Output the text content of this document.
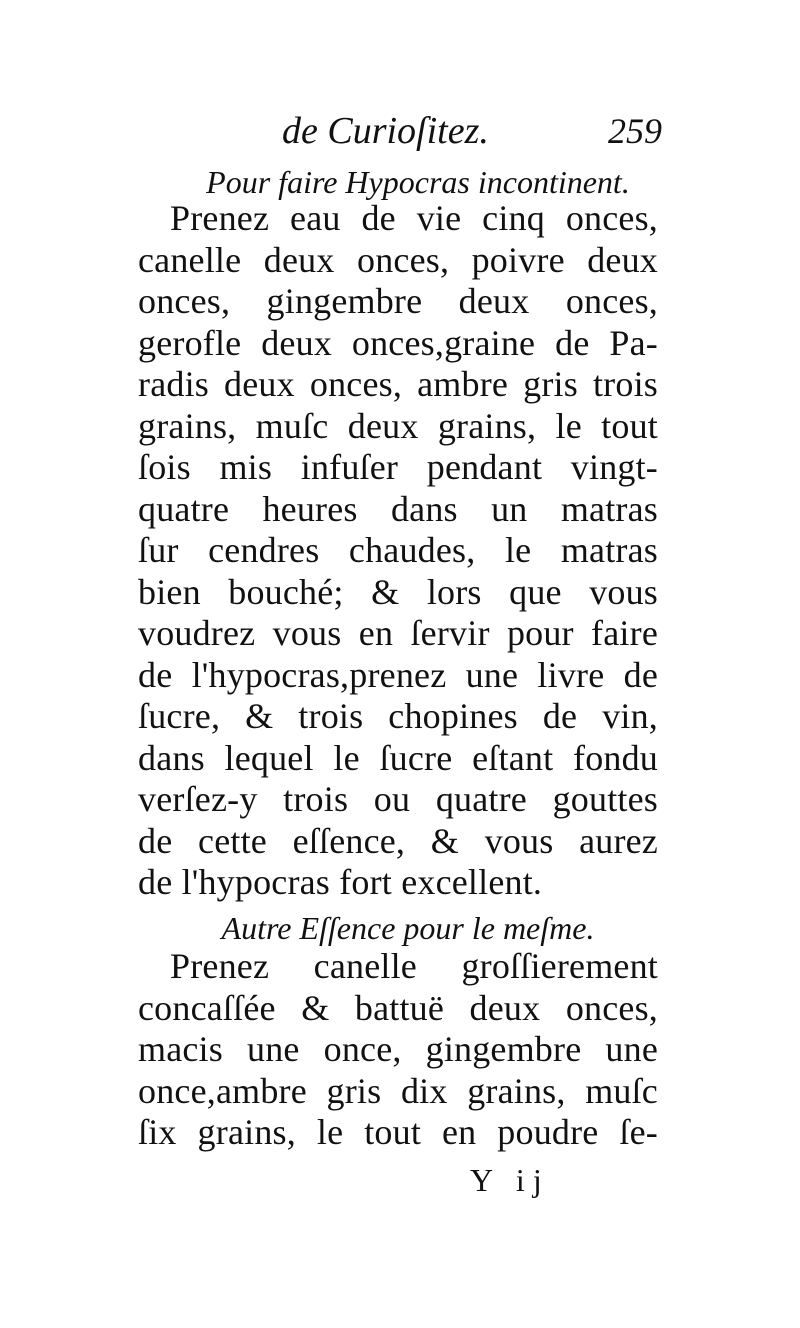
de Curioſitez.	259
Pour faire Hypocras incontinent.
Prenez eau de vie cinq onces,
canelle deux onces, poivre deux
onces, gingembre deux onces,
geroflе deux onces,graine de Pa-
radis deux onces, ambre gris trois
grains, muſc deux grains, le tout
ſois mis infuſer pendant vingt-
quatre heures dans un matras
ſur cendres chaudes, le matras
bien bouché; & lors que vous
voudrez vous en ſervir pour faire
de l'hypocras,prenez une livre de
ſucre, & trois chopines de vin,
dans lequel le ſucre eſtant fondu
verſez-y trois ou quatre gouttes
de cette eſſence, & vous aurez
de l'hypocras fort excellent.
Autre Eſſence pour le meſme.
Prenez canelle groſſierement
concaſſée & battuë deux onces,
macis une once, gingembre une
once,ambre gris dix grains, muſc
ſix grains, le tout en poudre ſe-
Y ij
